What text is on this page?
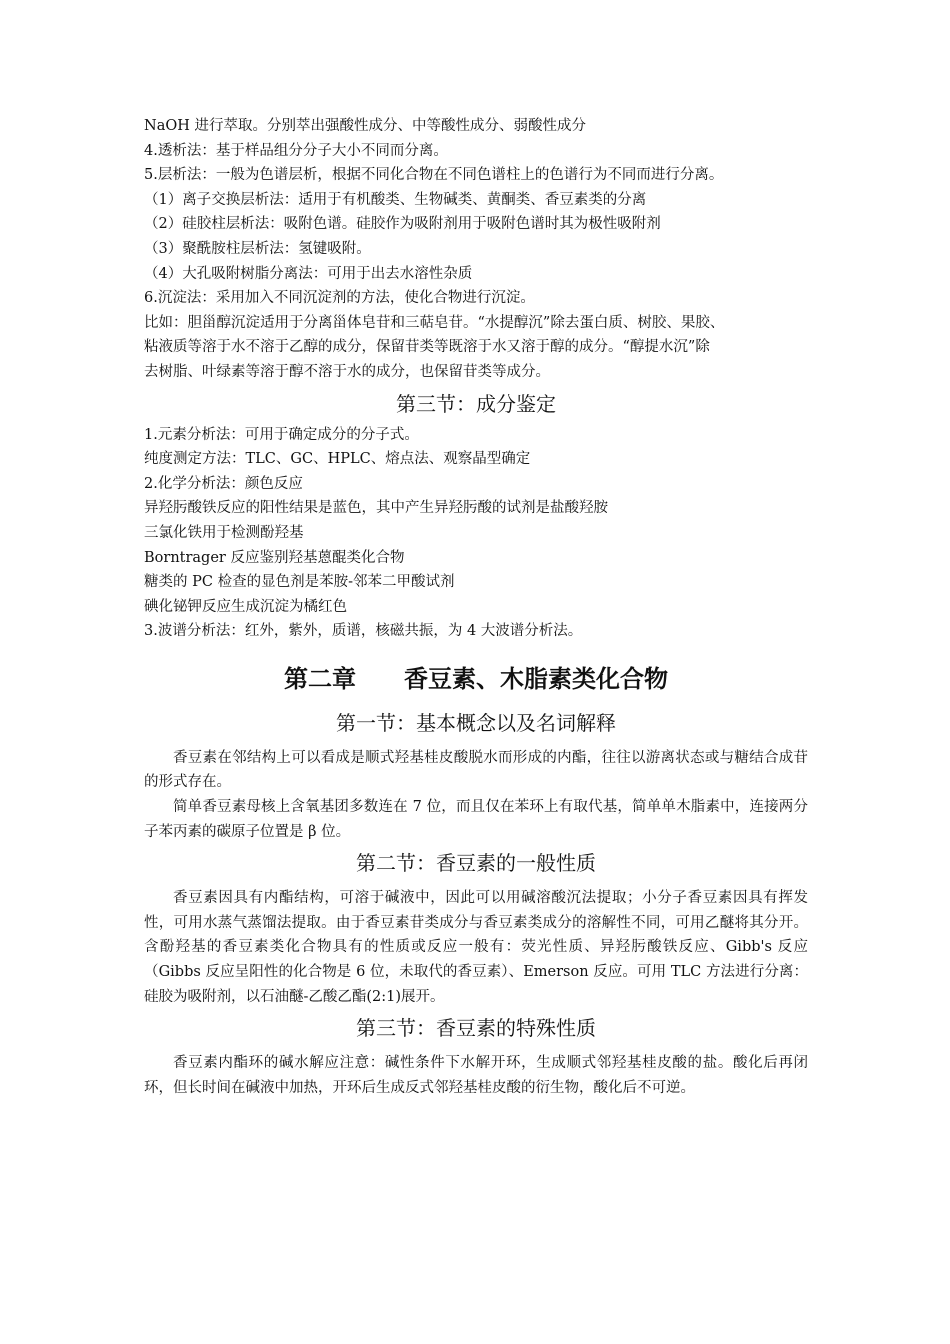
NaOH 进行萃取。分别萃出强酸性成分、中等酸性成分、弱酸性成分
4.透析法：基于样品组分分子大小不同而分离。
5.层析法：一般为色谱层析，根据不同化合物在不同色谱柱上的色谱行为不同而进行分离。
（1）离子交换层析法：适用于有机酸类、生物碱类、黄酮类、香豆素类的分离
（2）硅胶柱层析法：吸附色谱。硅胶作为吸附剂用于吸附色谱时其为极性吸附剂
（3）聚酰胺柱层析法：氢键吸附。
（4）大孔吸附树脂分离法：可用于出去水溶性杂质
6.沉淀法：采用加入不同沉淀剂的方法，使化合物进行沉淀。
比如：胆甾醇沉淀适用于分离甾体皂苷和三萜皂苷。“水提醇沉”除去蛋白质、树胶、果胶、
粘液质等溶于水不溶于乙醇的成分，保留苷类等既溶于水又溶于醇的成分。“醇提水沉”除
去树脂、叶绿素等溶于醇不溶于水的成分，也保留苷类等成分。
第三节：成分鉴定
1.元素分析法：可用于确定成分的分子式。
纯度测定方法：TLC、GC、HPLC、熔点法、观察晶型确定
2.化学分析法：颜色反应
异羟肟酸铁反应的阳性结果是蓝色，其中产生异羟肟酸的试剂是盐酸羟胺
三氯化铁用于检测酚羟基
Borntrager 反应鉴别羟基蒽醌类化合物
糖类的 PC 检查的显色剂是苯胺-邻苯二甲酸试剂
碘化铋钾反应生成沉淀为橘红色
3.波谱分析法：红外，紫外，质谱，核磁共振，为 4 大波谱分析法。
第二章　　香豆素、木脂素类化合物
第一节：基本概念以及名词解释
香豆素在邻结构上可以看成是顺式羟基桂皮酸脱水而形成的内酯，往往以游离状态或与糖结合成苷的形式存在。
简单香豆素母核上含氧基团多数连在 7 位，而且仅在苯环上有取代基，简单单木脂素中，连接两分子苯丙素的碳原子位置是 β 位。
第二节：香豆素的一般性质
香豆素因具有内酯结构，可溶于碱液中，因此可以用碱溶酸沉法提取；小分子香豆素因具有挥发性，可用水蒸气蒸馏法提取。由于香豆素苷类成分与香豆素类成分的溶解性不同，可用乙醚将其分开。含酚羟基的香豆素类化合物具有的性质或反应一般有：荧光性质、异羟肟酸铁反应、Gibb's 反应（Gibbs 反应呈阳性的化合物是 6 位，未取代的香豆素）、Emerson 反应。可用 TLC 方法进行分离：硅胶为吸附剂，以石油醚-乙酸乙酯(2:1)展开。
第三节：香豆素的特殊性质
香豆素内酯环的碱水解应注意：碱性条件下水解开环，生成顺式邻羟基桂皮酸的盐。酸化后再闭环，但长时间在碱液中加热，开环后生成反式邻羟基桂皮酸的衍生物，酸化后不可逆。
